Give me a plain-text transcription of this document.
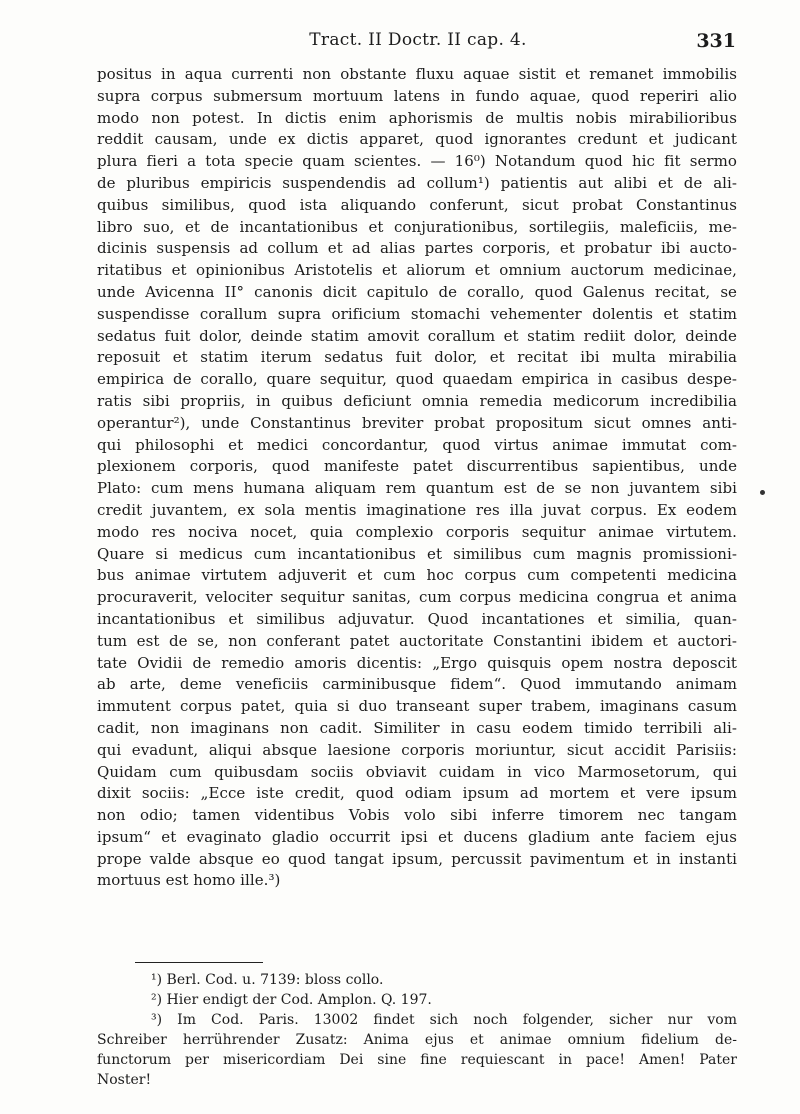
Tract. II Doctr. II cap. 4.	331
positus in aqua currenti non obstante fluxu aquae sistit et remanet immobilis
supra corpus submersum mortuum latens in fundo aquae, quod reperiri alio
modo non potest. In dictis enim aphorismis de multis nobis mirabilioribus
reddit causam, unde ex dictis apparet, quod ignorantes credunt et judicant
plura fieri a tota specie quam scientes. — 16⁰) Notandum quod hic fit sermo
de pluribus empiricis suspendendis ad collum¹) patientis aut alibi et de ali-
quibus similibus, quod ista aliquando conferunt, sicut probat Constantinus
libro suo, et de incantationibus et conjurationibus, sortilegiis, maleficiis, me-
dicinis suspensis ad collum et ad alias partes corporis, et probatur ibi aucto-
ritatibus et opinionibus Aristotelis et aliorum et omnium auctorum medicinae,
unde Avicenna II° canonis dicit capitulo de corallo, quod Galenus recitat, se
suspendisse corallum supra orificium stomachi vehementer dolentis et statim
sedatus fuit dolor, deinde statim amovit corallum et statim rediit dolor, deinde
reposuit et statim iterum sedatus fuit dolor, et recitat ibi multa mirabilia
empirica de corallo, quare sequitur, quod quaedam empirica in casibus despe-
ratis sibi propriis, in quibus deficiunt omnia remedia medicorum incredibilia
operantur²), unde Constantinus breviter probat propositum sicut omnes anti-
qui philosophi et medici concordantur, quod virtus animae immutat com-
plexionem corporis, quod manifeste patet discurrentibus sapientibus, unde
Plato: cum mens humana aliquam rem quantum est de se non juvantem sibi
credit juvantem, ex sola mentis imaginatione res illa juvat corpus. Ex eodem
modo res nociva nocet, quia complexio corporis sequitur animae virtutem.
Quare si medicus cum incantationibus et similibus cum magnis promissioni-
bus animae virtutem adjuverit et cum hoc corpus cum competenti medicina
procuraverit, velociter sequitur sanitas, cum corpus medicina congrua et anima
incantationibus et similibus adjuvatur. Quod incantationes et similia, quan-
tum est de se, non conferant patet auctoritate Constantini ibidem et auctori-
tate Ovidii de remedio amoris dicentis: „Ergo quisquis opem nostra deposcit
ab arte, deme veneficiis carminibusque fidem“. Quod immutando animam
immutent corpus patet, quia si duo transeant super trabem, imaginans casum
cadit, non imaginans non cadit. Similiter in casu eodem timido terribili ali-
qui evadunt, aliqui absque laesione corporis moriuntur, sicut accidit Parisiis:
Quidam cum quibusdam sociis obviavit cuidam in vico Marmosetorum, qui
dixit sociis: „Ecce iste credit, quod odiam ipsum ad mortem et vere ipsum
non odio; tamen videntibus Vobis volo sibi inferre timorem nec tangam
ipsum“ et evaginato gladio occurrit ipsi et ducens gladium ante faciem ejus
prope valde absque eo quod tangat ipsum, percussit pavimentum et in instanti
mortuus est homo ille.³)
¹) Berl. Cod. u. 7139: bloss collo.
²) Hier endigt der Cod. Amplon. Q. 197.
³) Im Cod. Paris. 13002 findet sich noch folgender, sicher nur vom
Schreiber herrührender Zusatz: Anima ejus et animae omnium fidelium de-
functorum per misericordiam Dei sine fine requiescant in pace! Amen! Pater
Noster!
